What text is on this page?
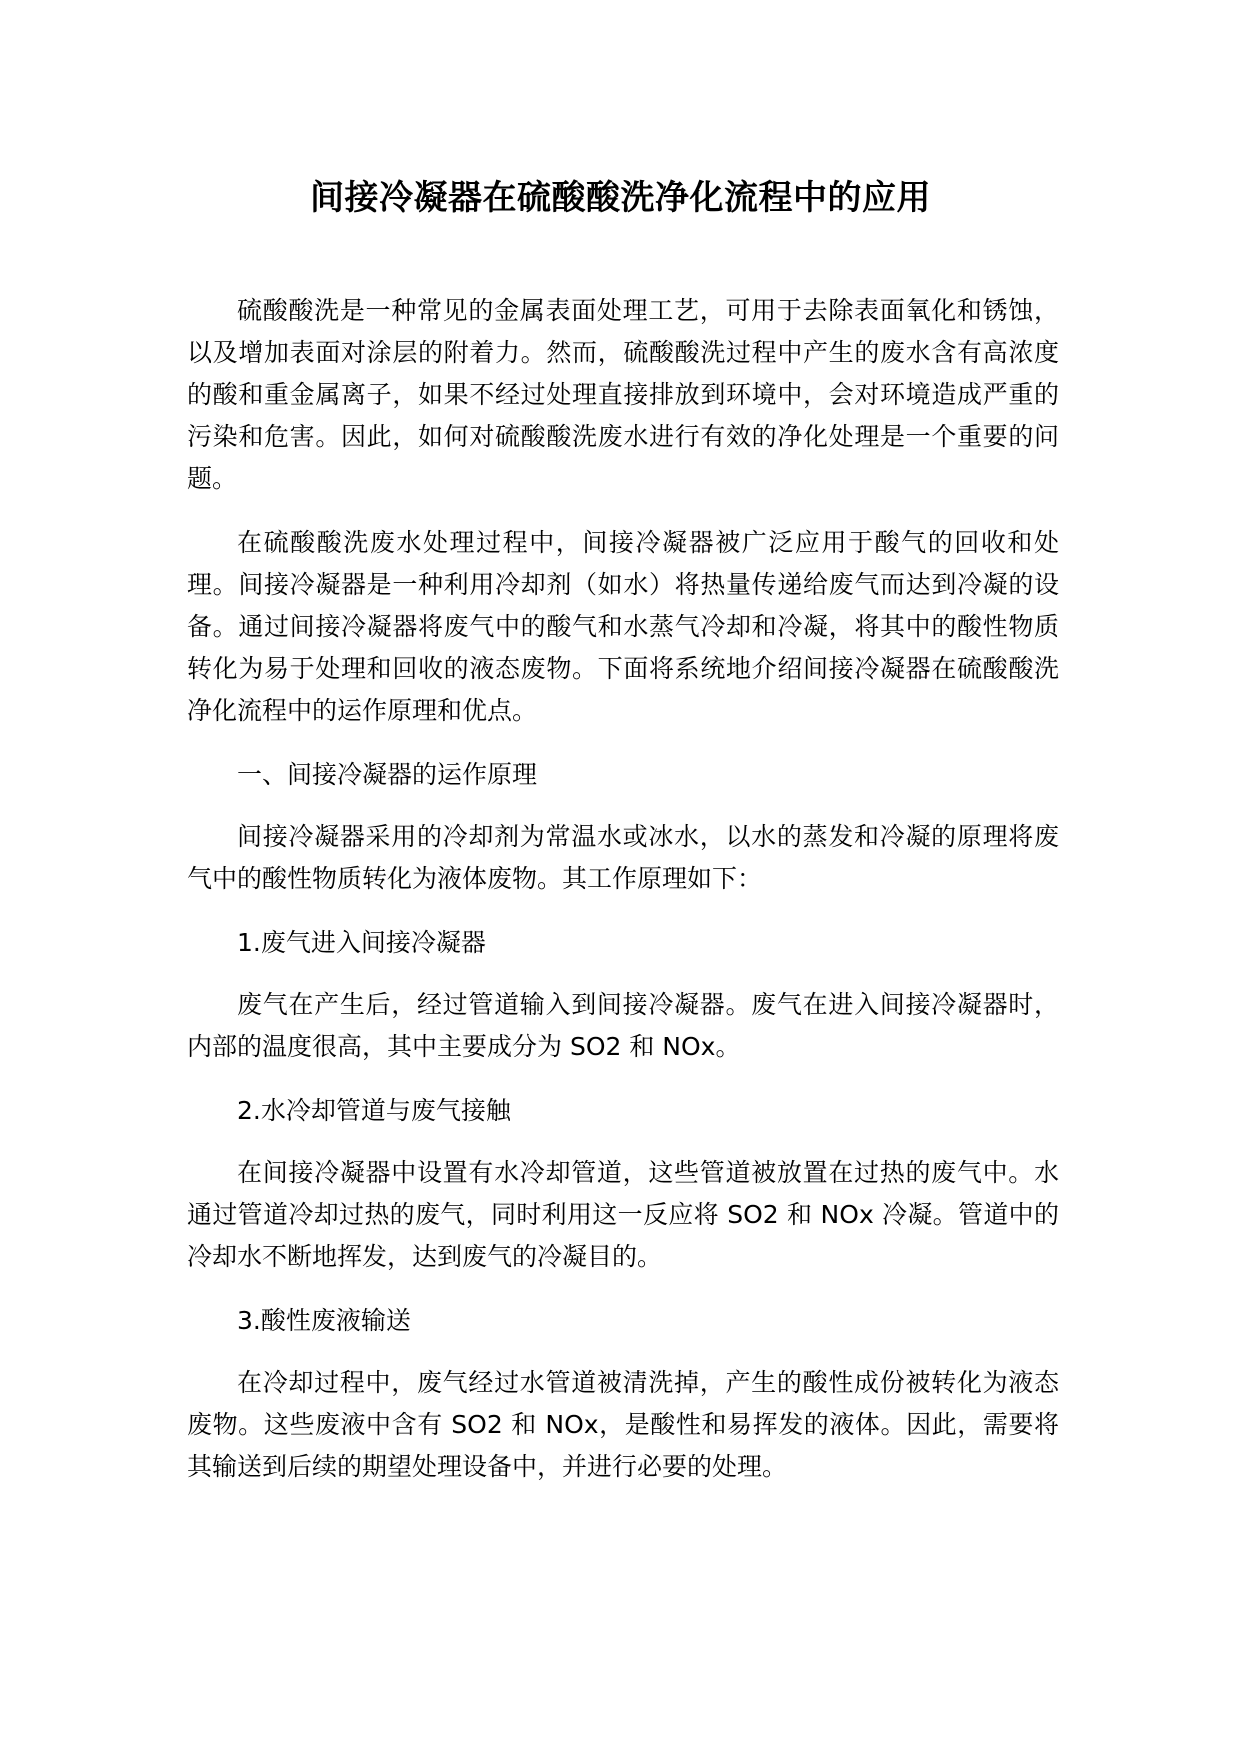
间接冷凝器在硫酸酸洗净化流程中的应用

硫酸酸洗是一种常见的金属表面处理工艺，可用于去除表面氧化和锈蚀，以及增加表面对涂层的附着力。然而，硫酸酸洗过程中产生的废水含有高浓度的酸和重金属离子，如果不经过处理直接排放到环境中，会对环境造成严重的污染和危害。因此，如何对硫酸酸洗废水进行有效的净化处理是一个重要的问题。

在硫酸酸洗废水处理过程中，间接冷凝器被广泛应用于酸气的回收和处理。间接冷凝器是一种利用冷却剂（如水）将热量传递给废气而达到冷凝的设备。通过间接冷凝器将废气中的酸气和水蒸气冷却和冷凝，将其中的酸性物质转化为易于处理和回收的液态废物。下面将系统地介绍间接冷凝器在硫酸酸洗净化流程中的运作原理和优点。

一、间接冷凝器的运作原理

间接冷凝器采用的冷却剂为常温水或冰水，以水的蒸发和冷凝的原理将废气中的酸性物质转化为液体废物。其工作原理如下：

1.废气进入间接冷凝器

废气在产生后，经过管道输入到间接冷凝器。废气在进入间接冷凝器时，内部的温度很高，其中主要成分为 SO2 和 NOx。

2.水冷却管道与废气接触

在间接冷凝器中设置有水冷却管道，这些管道被放置在过热的废气中。水通过管道冷却过热的废气，同时利用这一反应将 SO2 和 NOx 冷凝。管道中的冷却水不断地挥发，达到废气的冷凝目的。

3.酸性废液输送

在冷却过程中，废气经过水管道被清洗掉，产生的酸性成份被转化为液态废物。这些废液中含有 SO2 和 NOx，是酸性和易挥发的液体。因此，需要将其输送到后续的期望处理设备中，并进行必要的处理。
